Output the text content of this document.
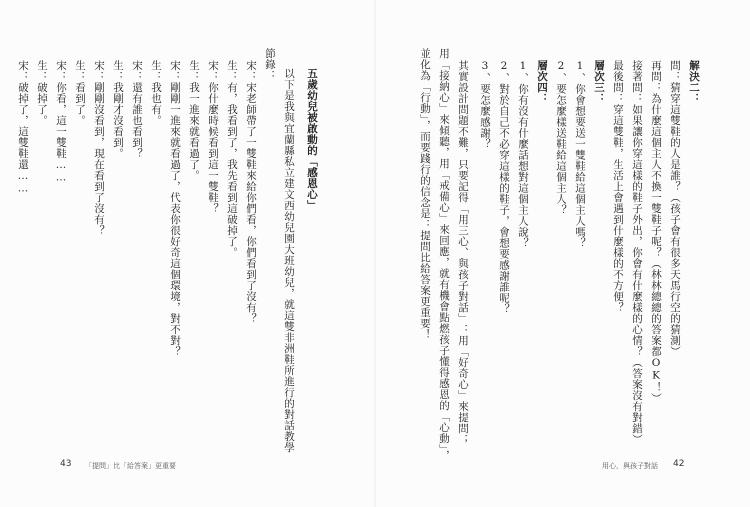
解決二：
問：猜穿這雙鞋的人是誰？（孩子會有很多天馬行空的猜測）
再問：為什麼這個主人不換一雙鞋子呢？（林林總總的答案都OK！）
接著問：如果讓你穿這樣的鞋子外出，你會有什麼樣的心情？（答案沒有對錯）
最後問：穿這雙鞋，生活上會遇到什麼樣的不方便？
層次三：
1、你會想要送一雙鞋給這個主人嗎？
2、要怎麼樣送鞋給這個主人？
層次四：
1、你有沒有什麼話想對這個主人說？
2、對於自己不必穿這樣的鞋子，會想要感謝誰呢？
3、要怎麼感謝？
其實設計問題不難，只要記得「用三心、與孩子對話」：用「好奇心」來提問；
用「接納心」來傾聽，用「戒備心」來回應，就有機會點燃孩子懂得感恩的「心動」，
並化為「行動」，而要踐行的信念是：提問比給答案更重要！
五歲幼兒被啟動的「感恩心」
以下是我與宜蘭縣私立建文西幼兒園大班幼兒，就這雙非洲鞋所進行的對話教學
節錄：
宋：宋老師帶了一雙鞋來給你們看，你們看到了沒有？
生：有，我看到了，我先看到這破掉了。
宋：你什麼時候看到這一雙鞋？
生：我一進來就看過了。
宋：剛剛一進來就看過了，代表你很好奇這個環境，對不對？
生：我也有。
宋：還有誰也看到？
生：我剛才沒看到。
宋：剛剛沒看到，現在看到了沒有？
生：看到了。
宋：你看，這一雙鞋……
生：破掉了。
宋：破掉了，這雙鞋還……
43 「提問」比「給答案」更重要	用心，與孩子對話 42
